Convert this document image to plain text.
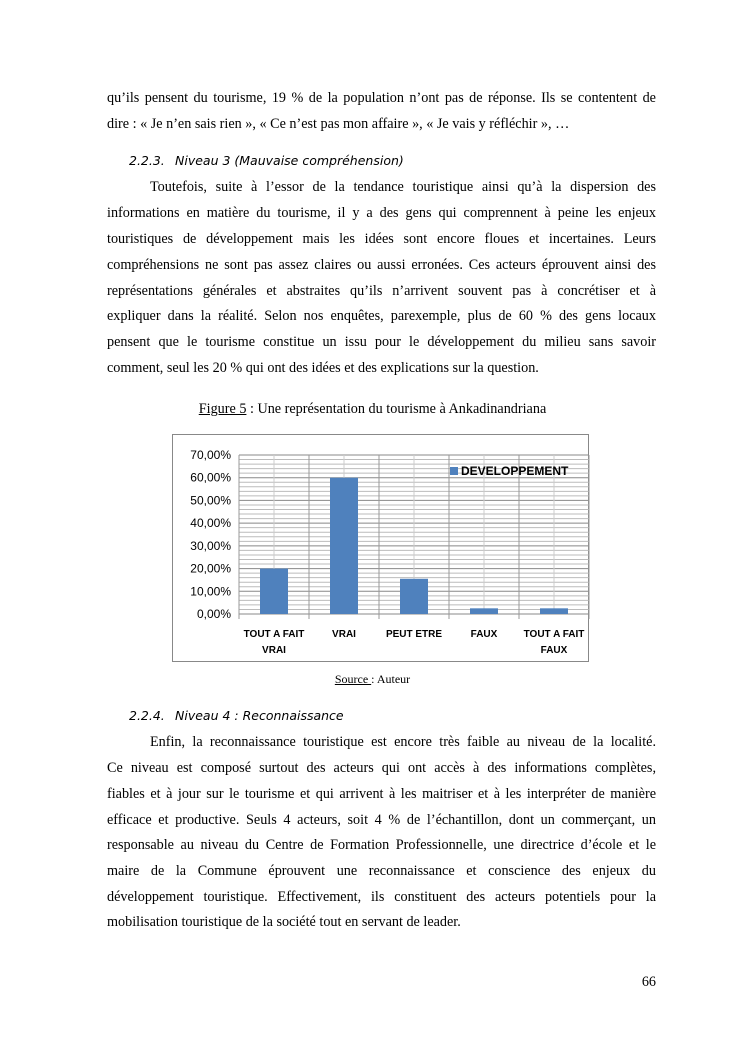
qu’ils pensent du tourisme, 19 % de la population n’ont pas de réponse. Ils se contentent de
dire : « Je n’en sais rien », « Ce n’est pas mon affaire », « Je vais y réfléchir », …
2.2.3. Niveau 3 (Mauvaise compréhension)
Toutefois, suite à l’essor de la tendance touristique ainsi qu’à la dispersion des
informations en matière du tourisme, il y a des gens qui comprennent à peine les enjeux
touristiques de développement mais les idées sont encore floues et incertaines. Leurs
compréhensions ne sont pas assez claires ou aussi erronées. Ces acteurs éprouvent ainsi des
représentations générales et abstraites qu’ils n’arrivent souvent pas à concrétiser et à
expliquer dans la réalité. Selon nos enquêtes, parexemple, plus de 60 % des gens locaux
pensent que le tourisme constitue un issu pour le développement du milieu sans savoir
comment, seul les 20 % qui ont des idées et des explications sur la question.
Figure 5 : Une représentation du tourisme à Ankadinandriana
0,00%
10,00%
20,00%
30,00%
40,00%
50,00%
60,00%
70,00%
TOUT A FAIT
VRAI
VRAI	PEUT ETRE	FAUX	TOUT A FAIT
FAUX
DEVELOPPEMENT
Source : Auteur
2.2.4. Niveau 4 : Reconnaissance
Enfin, la reconnaissance touristique est encore très faible au niveau de la localité.
Ce niveau est composé surtout des acteurs qui ont accès à des informations complètes,
fiables et à jour sur le tourisme et qui arrivent à les maitriser et à les interpréter de manière
efficace et productive. Seuls 4 acteurs, soit 4 % de l’échantillon, dont un commerçant, un
responsable au niveau du Centre de Formation Professionnelle, une directrice d’école et le
maire de la Commune éprouvent une reconnaissance et conscience des enjeux du
développement touristique. Effectivement, ils constituent des acteurs potentiels pour la
mobilisation touristique de la société tout en servant de leader.
66
